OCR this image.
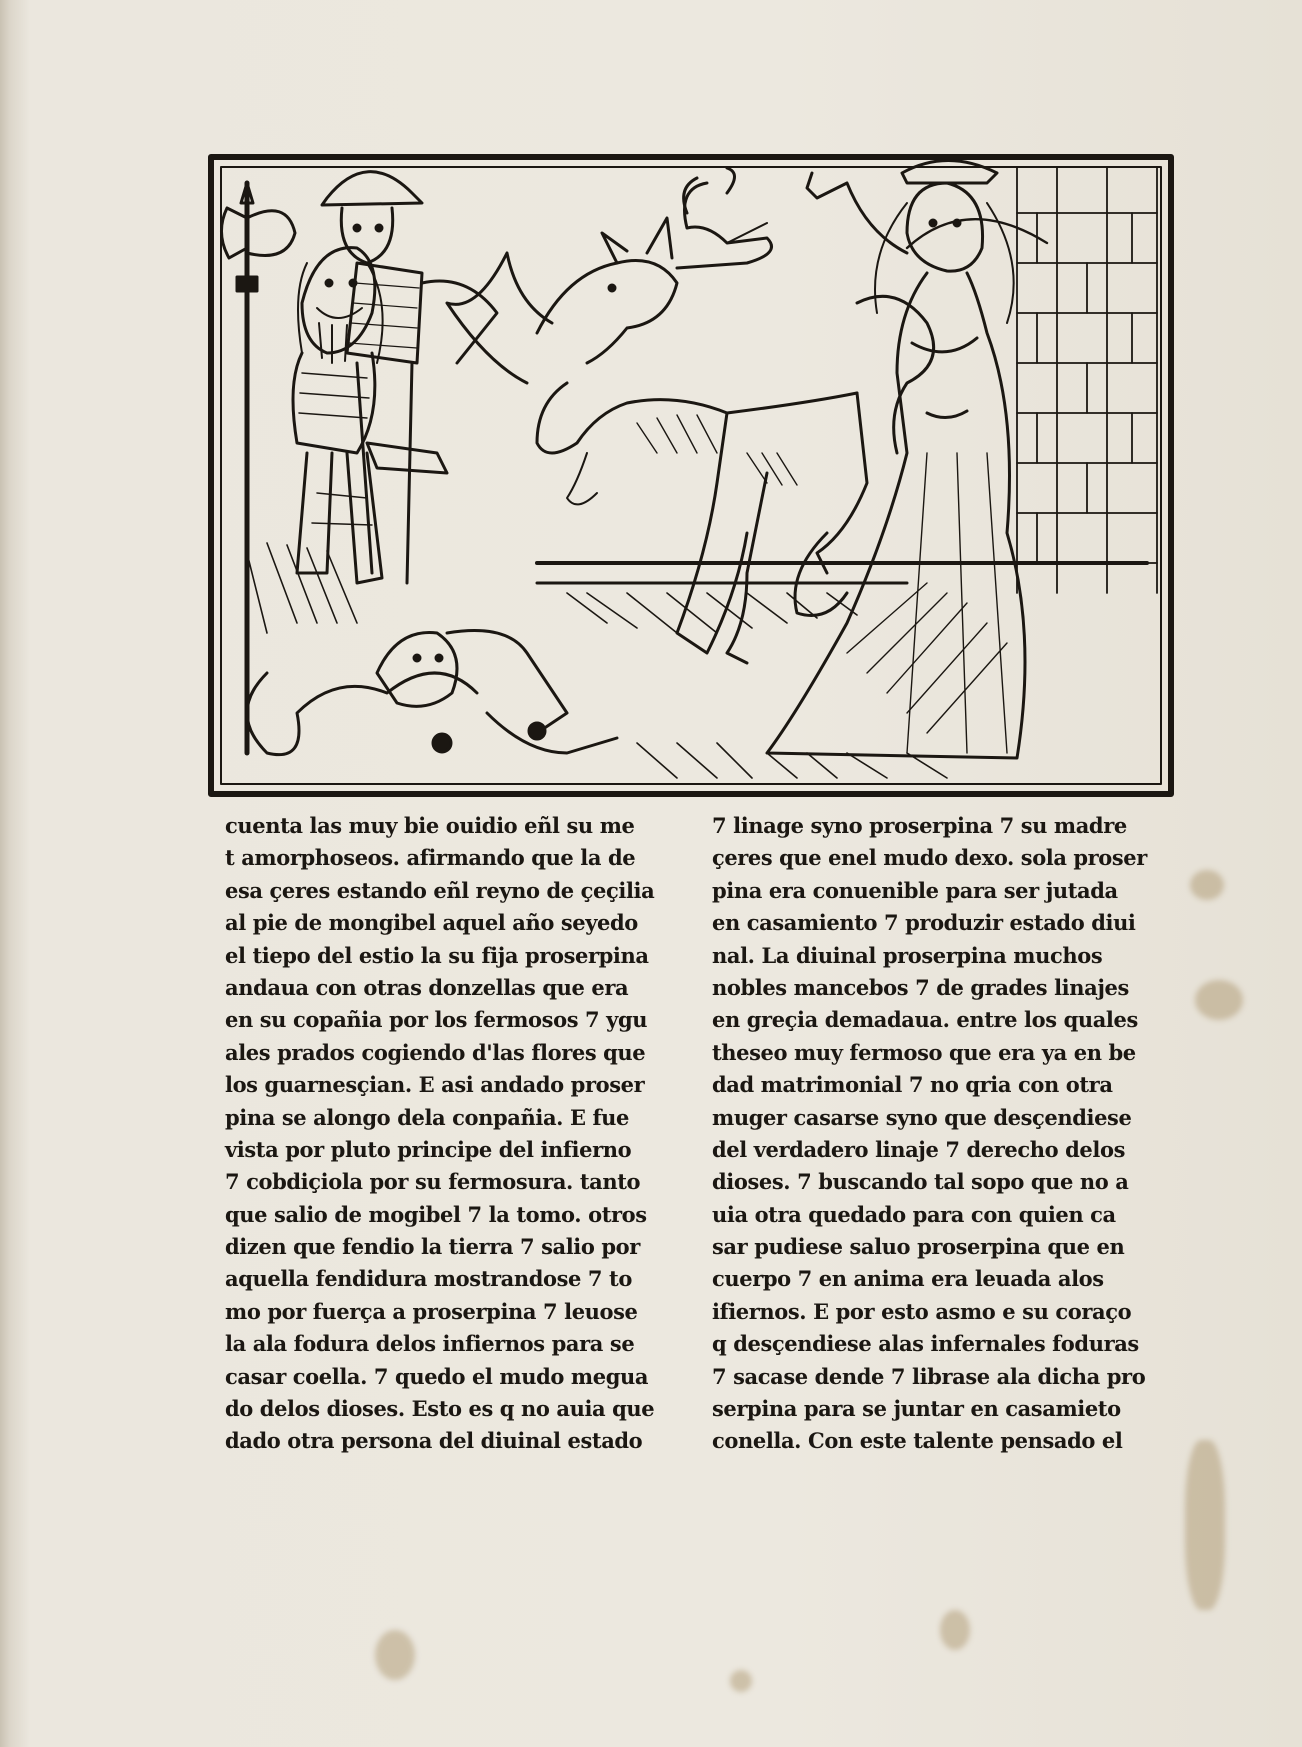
cuenta las muy bie ouidio eñl su me
t amorphoseos. afirmando que la de
esa çeres estando eñl reyno de çeçilia
al pie de mongibel aquel año seyedo
el tiepo del estio la su fija proserpina
andaua con otras donzellas que era
en su copañia por los fermosos 7 ygu
ales prados cogiendo d'las flores que
los guarnesçian. E asi andado proser
pina se alongo dela conpañia. E fue
vista por pluto principe del infierno
7 cobdiçiola por su fermosura. tanto
que salio de mogibel 7 la tomo. otros
dizen que fendio la tierra 7 salio por
aquella fendidura mostrandose 7 to
mo por fuerça a proserpina 7 leuose
la ala fodura delos infiernos para se
casar coella. 7 quedo el mudo megua
do delos dioses. Esto es q no auia que
dado otra persona del diuinal estado
7 linage syno proserpina 7 su madre
çeres que enel mudo dexo. sola proser
pina era conuenible para ser jutada
en casamiento 7 produzir estado diui
nal. La diuinal proserpina muchos
nobles mancebos 7 de grades linajes
en greçia demadaua. entre los quales
theseo muy fermoso que era ya en be
dad matrimonial 7 no qria con otra
muger casarse syno que desçendiese
del verdadero linaje 7 derecho delos
dioses. 7 buscando tal sopo que no a
uia otra quedado para con quien ca
sar pudiese saluo proserpina que en
cuerpo 7 en anima era leuada alos
ifiernos. E por esto asmo e su coraço
q desçendiese alas infernales foduras
7 sacase dende 7 librase ala dicha pro
serpina para se juntar en casamieto
conella. Con este talente pensado el
